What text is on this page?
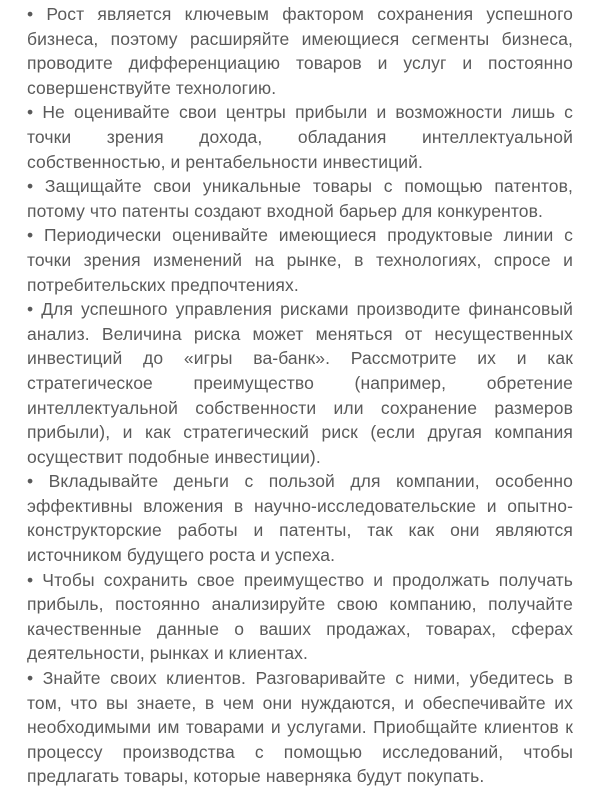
• Рост является ключевым фактором сохранения успешного бизнеса, поэтому расширяйте имеющиеся сегменты бизнеса, проводите дифференциацию товаров и услуг и постоянно совершенствуйте технологию.

• Не оценивайте свои центры прибыли и возможности лишь с точки зрения дохода, обладания интеллектуальной собственностью, и рентабельности инвестиций.

• Защищайте свои уникальные товары с помощью патентов, потому что патенты создают входной барьер для конкурентов.

• Периодически оценивайте имеющиеся продуктовые линии с точки зрения изменений на рынке, в технологиях, спросе и потребительских предпочтениях.

• Для успешного управления рисками производите финансовый анализ. Величина риска может меняться от несущественных инвестиций до «игры ва-банк». Рассмотрите их и как стратегическое преимущество (например, обретение интеллектуальной собственности или сохранение размеров прибыли), и как стратегический риск (если другая компания осуществит подобные инвестиции).

• Вкладывайте деньги с пользой для компании, особенно эффективны вложения в научно-исследовательские и опытно-конструкторские работы и патенты, так как они являются источником будущего роста и успеха.

• Чтобы сохранить свое преимущество и продолжать получать прибыль, постоянно анализируйте свою компанию, получайте качественные данные о ваших продажах, товарах, сферах деятельности, рынках и клиентах.

• Знайте своих клиентов. Разговаривайте с ними, убедитесь в том, что вы знаете, в чем они нуждаются, и обеспечивайте их необходимыми им товарами и услугами. Приобщайте клиентов к процессу производства с помощью исследований, чтобы предлагать товары, которые наверняка будут покупать.
